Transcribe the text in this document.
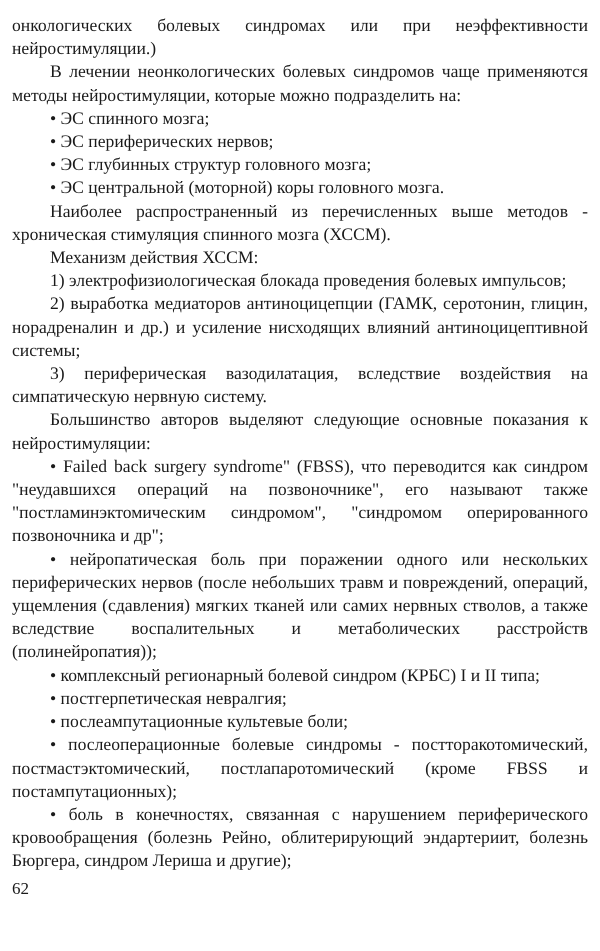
онкологических болевых синдромах или при неэффективности нейростимуляции.)

В лечении неонкологических болевых синдромов чаще применяются методы нейростимуляции, которые можно подразделить на:

• ЭС спинного мозга;

• ЭС периферических нервов;

• ЭС глубинных структур головного мозга;

• ЭС центральной (моторной) коры головного мозга.

Наиболее распространенный из перечисленных выше методов - хроническая стимуляция спинного мозга (ХССМ).

Механизм действия ХССМ:

1) электрофизиологическая блокада проведения болевых импульсов;

2) выработка медиаторов антиноцицепции (ГАМК, серотонин, глицин, норадреналин и др.) и усиление нисходящих влияний антиноцицептивной системы;

3) периферическая вазодилатация, вследствие воздействия на симпатическую нервную систему.

Большинство авторов выделяют следующие основные показания к нейростимуляции:

• Failed back surgery syndrome" (FBSS), что переводится как синдром "неудавшихся операций на позвоночнике", его называют также "постламинэктомическим синдромом", "синдромом оперированного позвоночника и др";

• нейропатическая боль при поражении одного или нескольких периферических нервов (после небольших травм и повреждений, операций, ущемления (сдавления) мягких тканей или самих нервных стволов, а также вследствие воспалительных и метаболических расстройств (полинейропатия));

• комплексный регионарный болевой синдром (КРБС) I и II типа;

• постгерпетическая невралгия;

• послеампутационные культевые боли;

• послеоперационные болевые синдромы - постторакотомический, постмастэктомический, постлапаротомический (кроме FBSS и постампутационных);

• боль в конечностях, связанная с нарушением периферического кровообращения (болезнь Рейно, облитерирующий эндартериит, болезнь Бюргера, синдром Лериша и другие);

62
